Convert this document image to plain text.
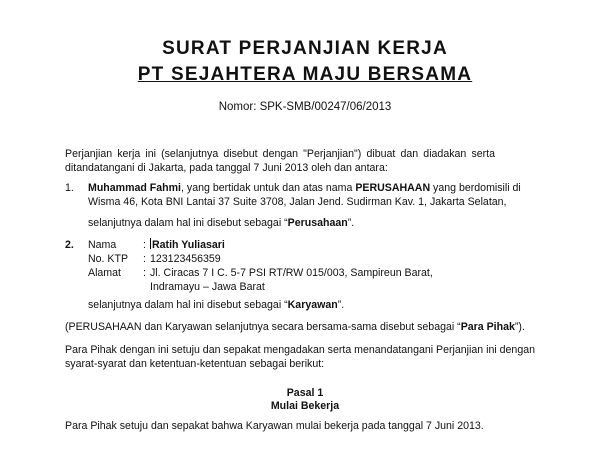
SURAT PERJANJIAN KERJA
PT SEJAHTERA MAJU BERSAMA
Nomor: SPK-SMB/00247/06/2013
Perjanjian kerja ini (selanjutnya disebut dengan "Perjanjian") dibuat dan diadakan serta
ditandatangani di Jakarta, pada tanggal 7 Juni 2013 oleh dan antara:
1. Muhammad Fahmi, yang bertidak untuk dan atas nama PERUSAHAAN yang berdomisili di
Wisma 46, Kota BNI Lantai 37 Suite 3708, Jalan Jend. Sudirman Kav. 1, Jakarta Selatan,
selanjutnya dalam hal ini disebut sebagai “Perusahaan”.
2. Nama	: Ratih Yuliasari
No. KTP : 123123456359
Alamat : Jl. Ciracas 7 I C. 5-7 PSI RT/RW 015/003, Sampireun Barat,
Indramayu – Jawa Barat
selanjutnya dalam hal ini disebut sebagai “Karyawan”.
(PERUSAHAAN dan Karyawan selanjutnya secara bersama-sama disebut sebagai “Para Pihak”).
Para Pihak dengan ini setuju dan sepakat mengadakan serta menandatangani Perjanjian ini dengan
syarat-syarat dan ketentuan-ketentuan sebagai berikut:
Pasal 1
Mulai Bekerja
Para Pihak setuju dan sepakat bahwa Karyawan mulai bekerja pada tanggal 7 Juni 2013.
